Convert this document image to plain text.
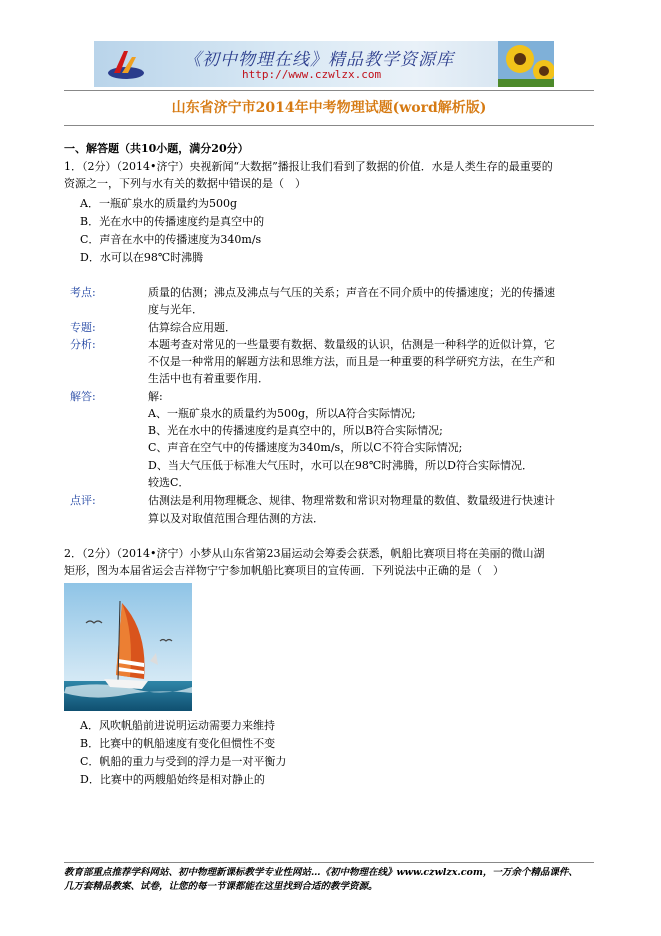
《初中物理在线》精品教学资源库
http://www.czwlzx.com
山东省济宁市2014年中考物理试题(word解析版)
一、解答题（共10小题，满分20分）
1．（2分）（2014•济宁）央视新闻“大数据”播报让我们看到了数据的价值．水是人类生存的最重要的
资源之一，下列与水有关的数据中错误的是（　）
A．一瓶矿泉水的质量约为500g
B．光在水中的传播速度约是真空中的
C．声音在水中的传播速度为340m/s
D．水可以在98℃时沸腾
考点:	质量的估测；沸点及沸点与气压的关系；声音在不同介质中的传播速度；光的传播速
度与光年．
专题:	估算综合应用题．
分析:	本题考查对常见的一些量要有数据、数量级的认识，估测是一种科学的近似计算，它
不仅是一种常用的解题方法和思维方法，而且是一种重要的科学研究方法，在生产和
生活中也有着重要作用．
解答:	解:
A、一瓶矿泉水的质量约为500g，所以A符合实际情况;
B、光在水中的传播速度约是真空中的，所以B符合实际情况;
C、声音在空气中的传播速度为340m/s，所以C不符合实际情况;
D、当大气压低于标准大气压时，水可以在98℃时沸腾，所以D符合实际情况．
较选C．
点评:	估测法是利用物理概念、规律、物理常数和常识对物理量的数值、数量级进行快速计
算以及对取值范围合理估测的方法．
2．（2分）（2014•济宁）小梦从山东省第23届运动会筹委会获悉，帆船比赛项目将在美丽的微山湖
矩形，图为本届省运会吉祥物宁宁参加帆船比赛项目的宣传画．下列说法中正确的是（　）
A．风吹帆船前进说明运动需要力来维持
B．比赛中的帆船速度有变化但惯性不变
C．帆船的重力与受到的浮力是一对平衡力
D．比赛中的两艘船始终是相对静止的
教育部重点推荐学科网站、初中物理新课标教学专业性网站…《初中物理在线》www.czwlzx.com，一万余个精品课件、
几万套精品教案、试卷，让您的每一节课都能在这里找到合适的教学资源。
